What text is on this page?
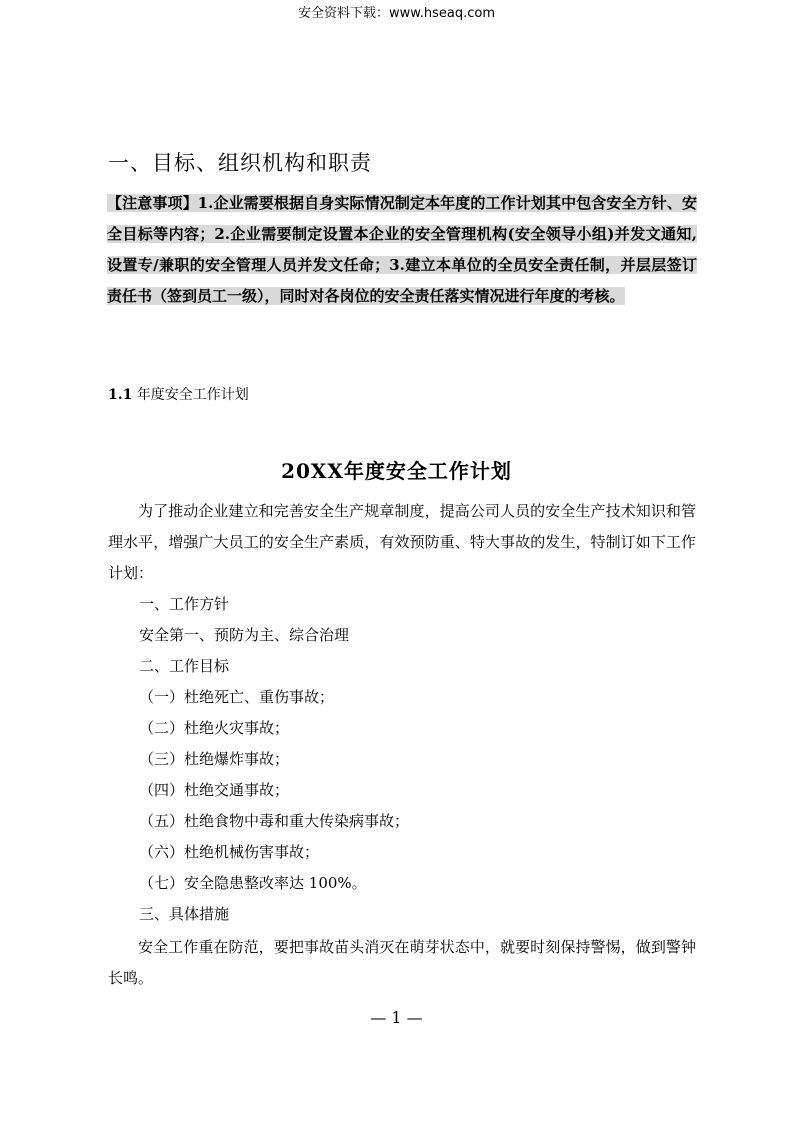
安全资料下载：www.hseaq.com
一、目标、组织机构和职责
【注意事项】1.企业需要根据自身实际情况制定本年度的工作计划其中包含安全方针、安全目标等内容；2.企业需要制定设置本企业的安全管理机构(安全领导小组)并发文通知,设置专/兼职的安全管理人员并发文任命；3.建立本单位的全员安全责任制，并层层签订责任书（签到员工一级），同时对各岗位的安全责任落实情况进行年度的考核。
1.1 年度安全工作计划
20XX年度安全工作计划
为了推动企业建立和完善安全生产规章制度，提高公司人员的安全生产技术知识和管理水平，增强广大员工的安全生产素质，有效预防重、特大事故的发生，特制订如下工作计划：
一、工作方针
安全第一、预防为主、综合治理
二、工作目标
（一）杜绝死亡、重伤事故；
（二）杜绝火灾事故；
（三）杜绝爆炸事故；
（四）杜绝交通事故；
（五）杜绝食物中毒和重大传染病事故；
（六）杜绝机械伤害事故；
（七）安全隐患整改率达 100%。
三、具体措施
安全工作重在防范，要把事故苗头消灭在萌芽状态中，就要时刻保持警惕，做到警钟长鸣。
— 1 —
